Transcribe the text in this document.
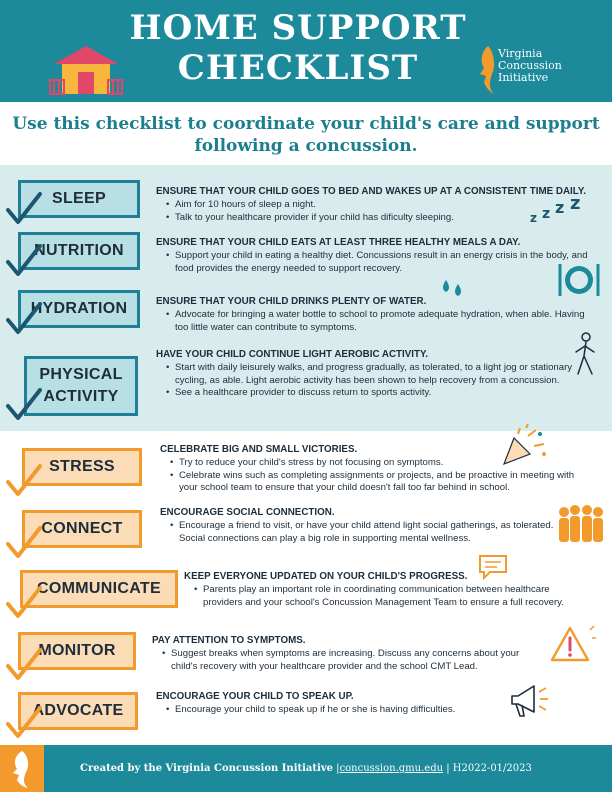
HOME SUPPORT CHECKLIST	Virginia
Concussion
Initiative
Use this checklist to coordinate your child's care and support following a concussion.
SLEEP	ENSURE THAT YOUR CHILD GOES TO BED AND WAKES UP AT A CONSISTENT TIME DAILY.
• Aim for 10 hours of sleep a night.
• Talk to your healthcare provider if your child has dificulty sleeping.	z z z z
NUTRITION	ENSURE THAT YOUR CHILD EATS AT LEAST THREE HEALTHY MEALS A DAY.
• Support your child in eating a healthy diet. Concussions result in an energy crisis in the body, and food provides the energy needed to support recovery.
HYDRATION	ENSURE THAT YOUR CHILD DRINKS PLENTY OF WATER.
• Advocate for bringing a water bottle to school to promote adequate hydration, when able. Having too little water can contribute to symptoms.
PHYSICAL
ACTIVITY
HAVE YOUR CHILD CONTINUE LIGHT AEROBIC ACTIVITY.
• Start with daily leisurely walks, and progress gradually, as tolerated, to a light jog or stationary cycling, as able. Light aerobic activity has been shown to help recovery from a concussion.
• See a healthcare provider to discuss return to sports activity.
STRESS
CELEBRATE BIG AND SMALL VICTORIES.
• Try to reduce your child's stress by not focusing on symptoms.
• Celebrate wins such as completing assignments or projects, and be proactive in meeting with your school team to ensure that your child doesn't fall too far behind in school.
CONNECT
ENCOURAGE SOCIAL CONNECTION.
• Encourage a friend to visit, or have your child attend light social gatherings, as tolerated. Social connections can play a big role in supporting mental wellness.
COMMUNICATE
KEEP EVERYONE UPDATED ON YOUR CHILD'S PROGRESS.
• Parents play an important role in coordinating communication between healthcare providers and your school's Concussion Management Team to ensure a full recovery.
MONITOR
PAY ATTENTION TO SYMPTOMS.
• Suggest breaks when symptoms are increasing. Discuss any concerns about your child's recovery with your healthcare provider and the school CMT Lead.
ADVOCATE
ENCOURAGE YOUR CHILD TO SPEAK UP.
• Encourage your child to speak up if he or she is having difficulties.
Created by the Virginia Concussion Initiative |concussion.gmu.edu | H2022-01/2023
